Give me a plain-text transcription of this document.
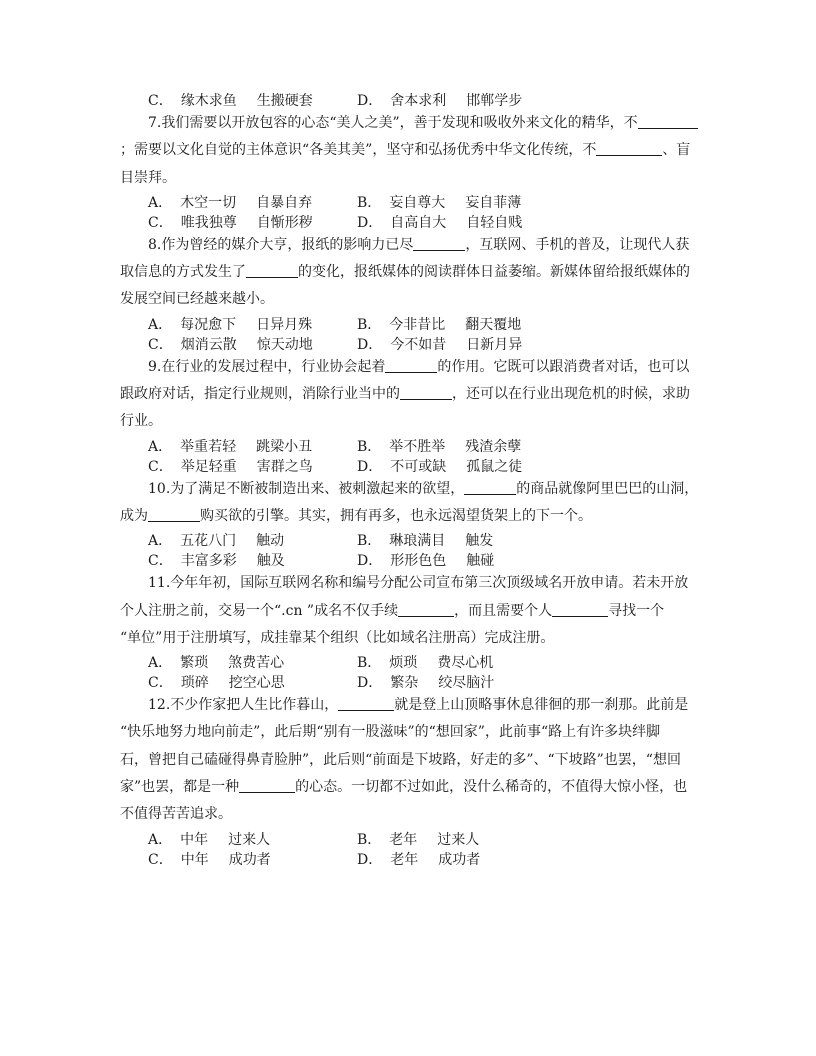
C． 缘木求鱼 生搬硬套	D． 舍本求利 邯郸学步
7.我们需要以开放包容的心态“美人之美”，善于发现和吸收外来文化的精华，不
；需要以文化自觉的主体意识“各美其美”，坚守和弘扬优秀中华文化传统，不	、盲
目崇拜。
A． 木空一切 自暴自弃	B． 妄自尊大 妄自菲薄
C． 唯我独尊 自惭形秽	D． 自高自大 自轻自贱
8.作为曾经的媒介大亨，报纸的影响力已尽	，互联网、手机的普及，让现代人获
取信息的方式发生了	的变化，报纸媒体的阅读群体日益萎缩。新媒体留给报纸媒体的
发展空间已经越来越小。
A． 每况愈下 日异月殊	B． 今非昔比 翻天覆地
C． 烟消云散 惊天动地	D． 今不如昔 日新月异
9.在行业的发展过程中，行业协会起着	的作用。它既可以跟消费者对话，也可以
跟政府对话，指定行业规则，消除行业当中的	，还可以在行业出现危机的时候，求助
行业。
A． 举重若轻 跳梁小丑	B． 举不胜举 残渣余孽
C． 举足轻重 害群之鸟	D． 不可或缺 孤鼠之徒
10.为了满足不断被制造出来、被刺激起来的欲望，	的商品就像阿里巴巴的山洞，
成为	购买欲的引擎。其实，拥有再多，也永远渴望货架上的下一个。
A． 五花八门 触动	B． 琳琅满目 触发
C． 丰富多彩 触及	D． 形形色色 触碰
11.今年年初，国际互联网名称和编号分配公司宣布第三次顶级域名开放申请。若未开放
个人注册之前，交易一个“.cn ”成名不仅手续	，而且需要个人	寻找一个
“单位”用于注册填写，成挂靠某个组织（比如域名注册高）完成注册。
A． 繁琐 煞费苦心	B． 烦琐 费尽心机
C． 琐碎 挖空心思	D． 繁杂 绞尽脑汁
12.不少作家把人生比作暮山，	就是登上山顶略事休息徘徊的那一刹那。此前是
“快乐地努力地向前走”，此后期“别有一股滋味”的“想回家”，此前事“路上有许多块绊脚
石，曾把自己磕碰得鼻青脸肿”，此后则“前面是下坡路，好走的多”、“下坡路”也罢，“想回
家”也罢，都是一种	的心态。一切都不过如此，没什么稀奇的，不值得大惊小怪，也
不值得苦苦追求。
A． 中年 过来人	B． 老年 过来人
C． 中年 成功者	D． 老年 成功者
